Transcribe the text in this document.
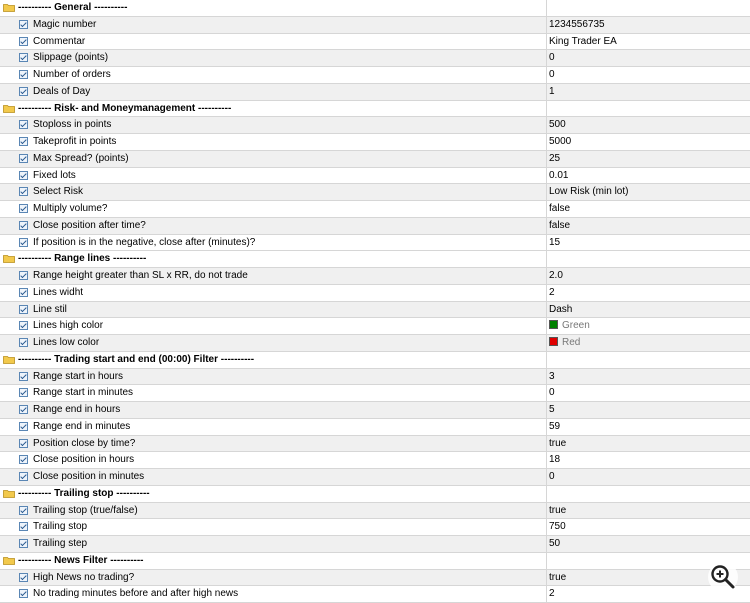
---------- General ----------
Magic number	1234556735
Commentar	King Trader EA
Slippage (points)	0
Number of orders	0
Deals of Day	1
---------- Risk- and Moneymanagement ----------
Stoploss in points	500
Takeprofit in points	5000
Max Spread? (points)	25
Fixed lots	0.01
Select Risk	Low Risk (min lot)
Multiply volume?	false
Close position after time?	false
If position is in the negative, close after (minutes)?	15
---------- Range lines ----------
Range height greater than SL x RR, do not trade	2.0
Lines widht	2
Line stil	Dash
Lines high color	Green
Lines low color	Red
---------- Trading start and end (00:00) Filter ----------
Range start in hours	3
Range start in minutes	0
Range end in hours	5
Range end in minutes	59
Position close by time?	true
Close position in hours	18
Close position in minutes	0
---------- Trailing stop ----------
Trailing stop (true/false)	true
Trailing stop	750
Trailing step	50
---------- News Filter ----------
High News no trading?	true
No trading minutes before and after high news	2
